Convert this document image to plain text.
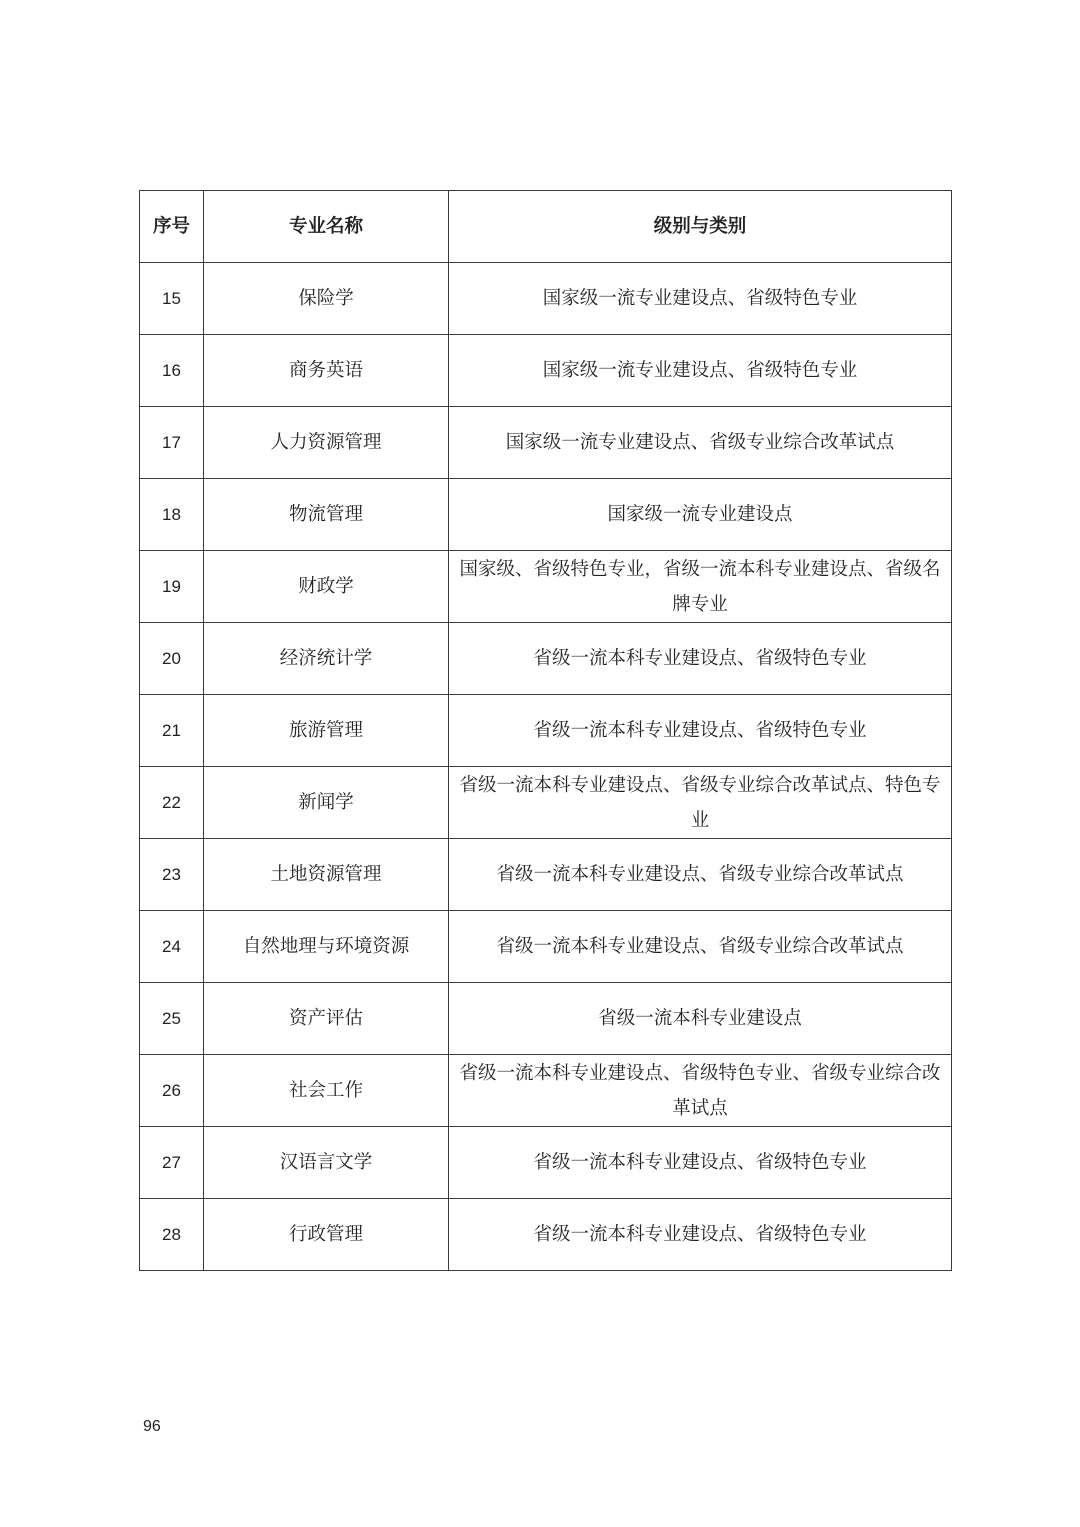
序号	专业名称	级别与类别
15	保险学	国家级一流专业建设点、省级特色专业
16	商务英语	国家级一流专业建设点、省级特色专业
17	人力资源管理	国家级一流专业建设点、省级专业综合改革试点
18	物流管理	国家级一流专业建设点
19	财政学	国家级、省级特色专业，省级一流本科专业建设点、省级名牌专业
20	经济统计学	省级一流本科专业建设点、省级特色专业
21	旅游管理	省级一流本科专业建设点、省级特色专业
22	新闻学	省级一流本科专业建设点、省级专业综合改革试点、特色专业
23	土地资源管理	省级一流本科专业建设点、省级专业综合改革试点
24	自然地理与环境资源	省级一流本科专业建设点、省级专业综合改革试点
25	资产评估	省级一流本科专业建设点
26	社会工作	省级一流本科专业建设点、省级特色专业、省级专业综合改革试点
27	汉语言文学	省级一流本科专业建设点、省级特色专业
28	行政管理	省级一流本科专业建设点、省级特色专业
96
